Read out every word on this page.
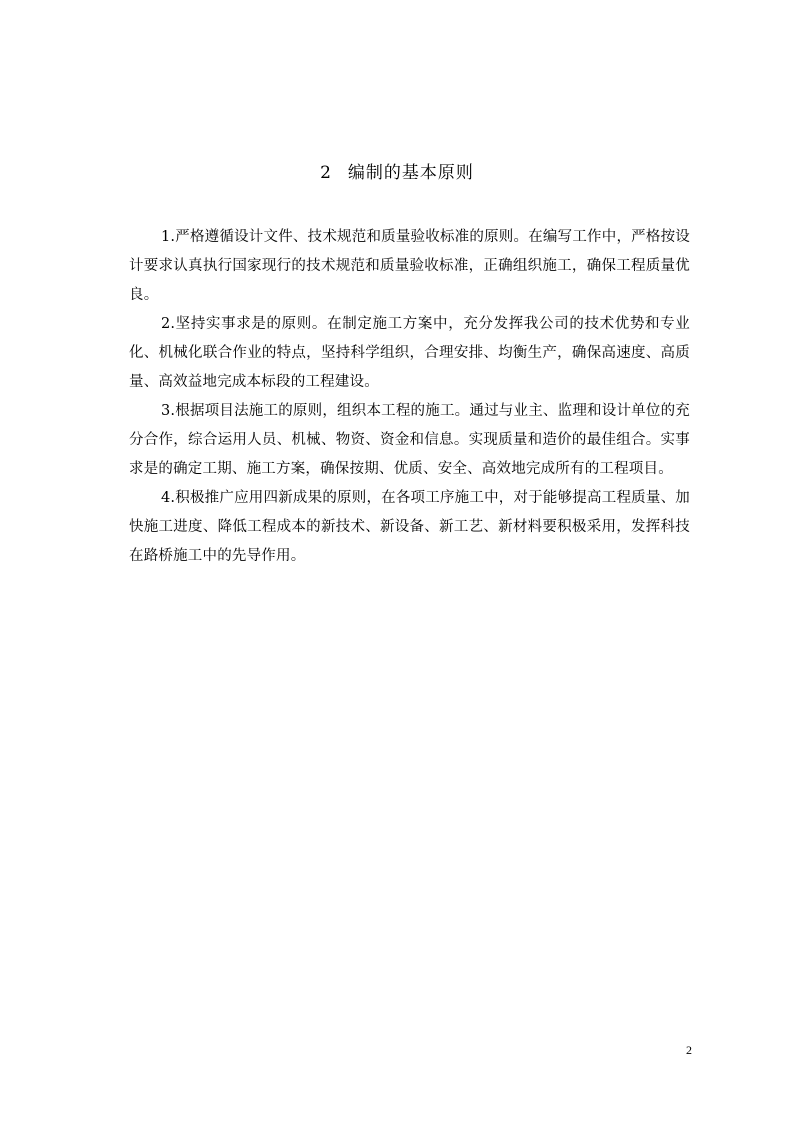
2 编制的基本原则

1.严格遵循设计文件、技术规范和质量验收标准的原则。在编写工作中，严格按设计要求认真执行国家现行的技术规范和质量验收标准，正确组织施工，确保工程质量优良。

2.坚持实事求是的原则。在制定施工方案中，充分发挥我公司的技术优势和专业化、机械化联合作业的特点，坚持科学组织，合理安排、均衡生产，确保高速度、高质量、高效益地完成本标段的工程建设。

3.根据项目法施工的原则，组织本工程的施工。通过与业主、监理和设计单位的充分合作，综合运用人员、机械、物资、资金和信息。实现质量和造价的最佳组合。实事求是的确定工期、施工方案，确保按期、优质、安全、高效地完成所有的工程项目。

4.积极推广应用四新成果的原则，在各项工序施工中，对于能够提高工程质量、加快施工进度、降低工程成本的新技术、新设备、新工艺、新材料要积极采用，发挥科技在路桥施工中的先导作用。

2
